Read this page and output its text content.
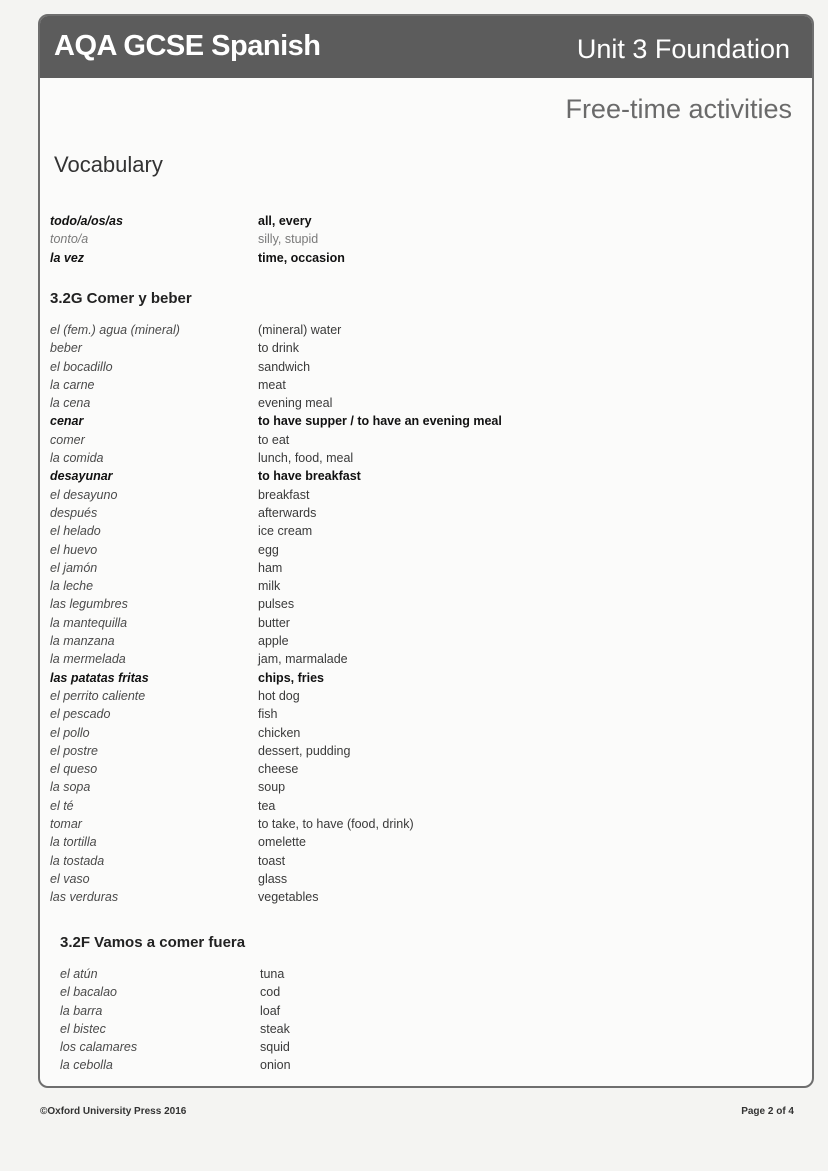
AQA GCSE Spanish	Unit 3 Foundation
Free-time activities
Vocabulary
todo/a/os/as	all, every
tonto/a	silly, stupid
la vez	time, occasion
3.2G Comer y beber
el (fem.) agua (mineral)	(mineral) water
beber	to drink
el bocadillo	sandwich
la carne	meat
la cena	evening meal
cenar	to have supper / to have an evening meal
comer	to eat
la comida	lunch, food, meal
desayunar	to have breakfast
el desayuno	breakfast
después	afterwards
el helado	ice cream
el huevo	egg
el jamón	ham
la leche	milk
las legumbres	pulses
la mantequilla	butter
la manzana	apple
la mermelada	jam, marmalade
las patatas fritas	chips, fries
el perrito caliente	hot dog
el pescado	fish
el pollo	chicken
el postre	dessert, pudding
el queso	cheese
la sopa	soup
el té	tea
tomar	to take, to have (food, drink)
la tortilla	omelette
la tostada	toast
el vaso	glass
las verduras	vegetables
3.2F Vamos a comer fuera
el atún	tuna
el bacalao	cod
la barra	loaf
el bistec	steak
los calamares	squid
la cebolla	onion
©Oxford University Press 2016	Page 2 of 4
